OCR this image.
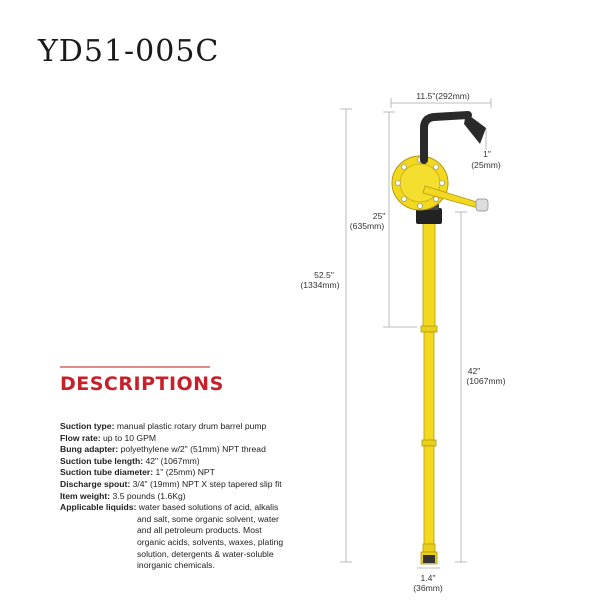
YD51-005C
11.5"(292mm)
1"
(25mm)
25"
(635mm)
52.5"
(1334mm)
42"
(1067mm)
1.4"
(36mm)
DESCRIPTIONS
Suction type: manual plastic rotary drum barrel pump
Flow rate: up to 10 GPM
Bung adapter: polyethylene w/2" (51mm) NPT thread
Suction tube length: 42" (1067mm)
Suction tube diameter: 1" (25mm) NPT
Discharge spout: 3/4" (19mm) NPT X step tapered slip fit
Item weight: 3.5 pounds (1.6Kg)
Applicable liquids: water based solutions of acid, alkalis
and salt, some organic solvent, water
and all petroleum products. Most
organic acids, solvents, waxes, plating
solution, detergents & water-soluble
inorganic chemicals.
